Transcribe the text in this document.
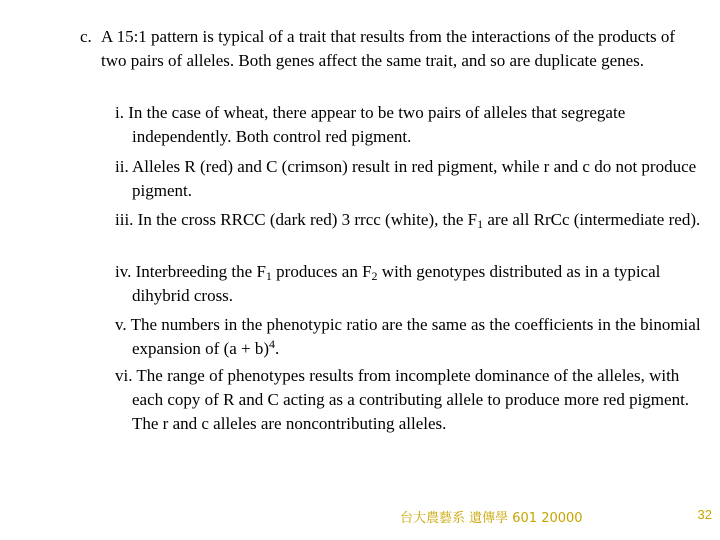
c. A 15:1 pattern is typical of a trait that results from the interactions of the products of two pairs of alleles. Both genes affect the same trait, and so are duplicate genes.

i. In the case of wheat, there appear to be two pairs of alleles that segregate independently. Both control red pigment.

ii. Alleles R (red) and C (crimson) result in red pigment, while r and c do not produce pigment.

iii. In the cross RRCC (dark red) 3 rrcc (white), the $F_1$ are all RrCc (intermediate red).

iv. Interbreeding the $F_1$ produces an $F_2$ with genotypes distributed as in a typical dihybrid cross.

v. The numbers in the phenotypic ratio are the same as the coefficients in the binomial expansion of $(a + b)^4$.

vi. The range of phenotypes results from incomplete dominance of the alleles, with each copy of R and C acting as a contributing allele to produce more red pigment. The r and c alleles are noncontributing alleles.

台大農藝系 遺傳學 601 20000	32
